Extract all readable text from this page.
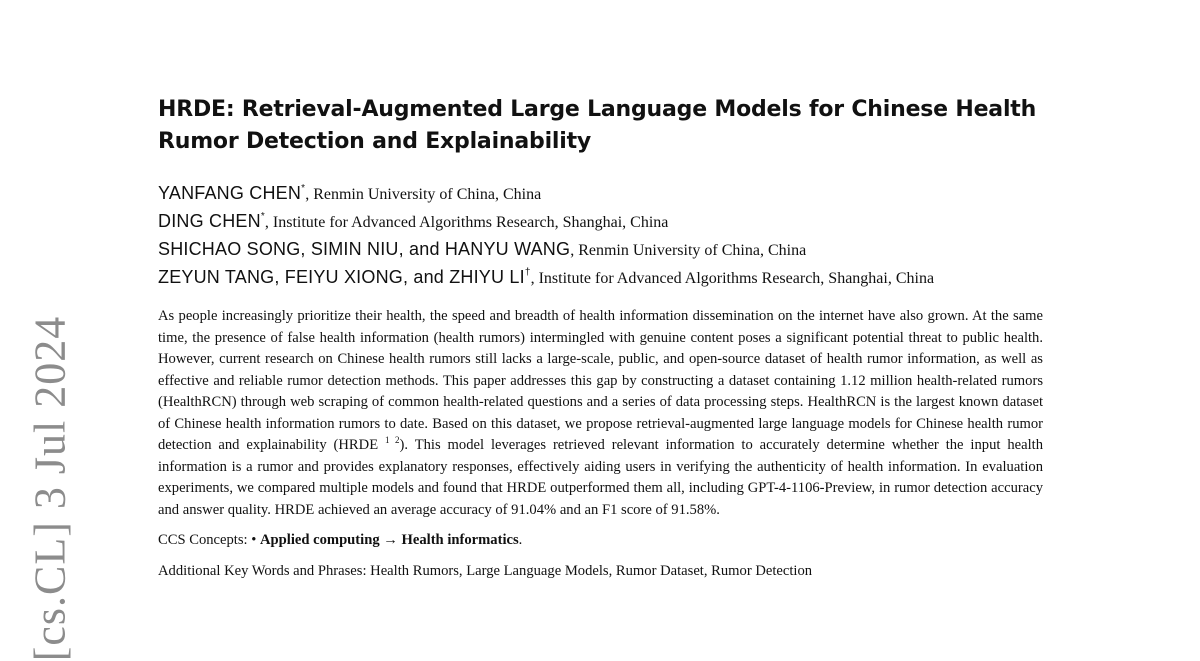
[cs.CL] 3 Jul 2024
HRDE: Retrieval-Augmented Large Language Models for Chinese Health Rumor Detection and Explainability
YANFANG CHEN*, Renmin University of China, China
DING CHEN*, Institute for Advanced Algorithms Research, Shanghai, China
SHICHAO SONG, SIMIN NIU, and HANYU WANG, Renmin University of China, China
ZEYUN TANG, FEIYU XIONG, and ZHIYU LI†, Institute for Advanced Algorithms Research, Shanghai, China

As people increasingly prioritize their health, the speed and breadth of health information dissemination on the internet have also grown. At the same time, the presence of false health information (health rumors) intermingled with genuine content poses a significant potential threat to public health. However, current research on Chinese health rumors still lacks a large-scale, public, and open-source dataset of health rumor information, as well as effective and reliable rumor detection methods. This paper addresses this gap by constructing a dataset containing 1.12 million health-related rumors (HealthRCN) through web scraping of common health-related questions and a series of data processing steps. HealthRCN is the largest known dataset of Chinese health information rumors to date. Based on this dataset, we propose retrieval-augmented large language models for Chinese health rumor detection and explainability (HRDE $^{1 2}$). This model leverages retrieved relevant information to accurately determine whether the input health information is a rumor and provides explanatory responses, effectively aiding users in verifying the authenticity of health information. In evaluation experiments, we compared multiple models and found that HRDE outperformed them all, including GPT-4-1106-Preview, in rumor detection accuracy and answer quality. HRDE achieved an average accuracy of 91.04% and an F1 score of 91.58%.

CCS Concepts: • Applied computing → Health informatics.

Additional Key Words and Phrases: Health Rumors, Large Language Models, Rumor Dataset, Rumor Detection
